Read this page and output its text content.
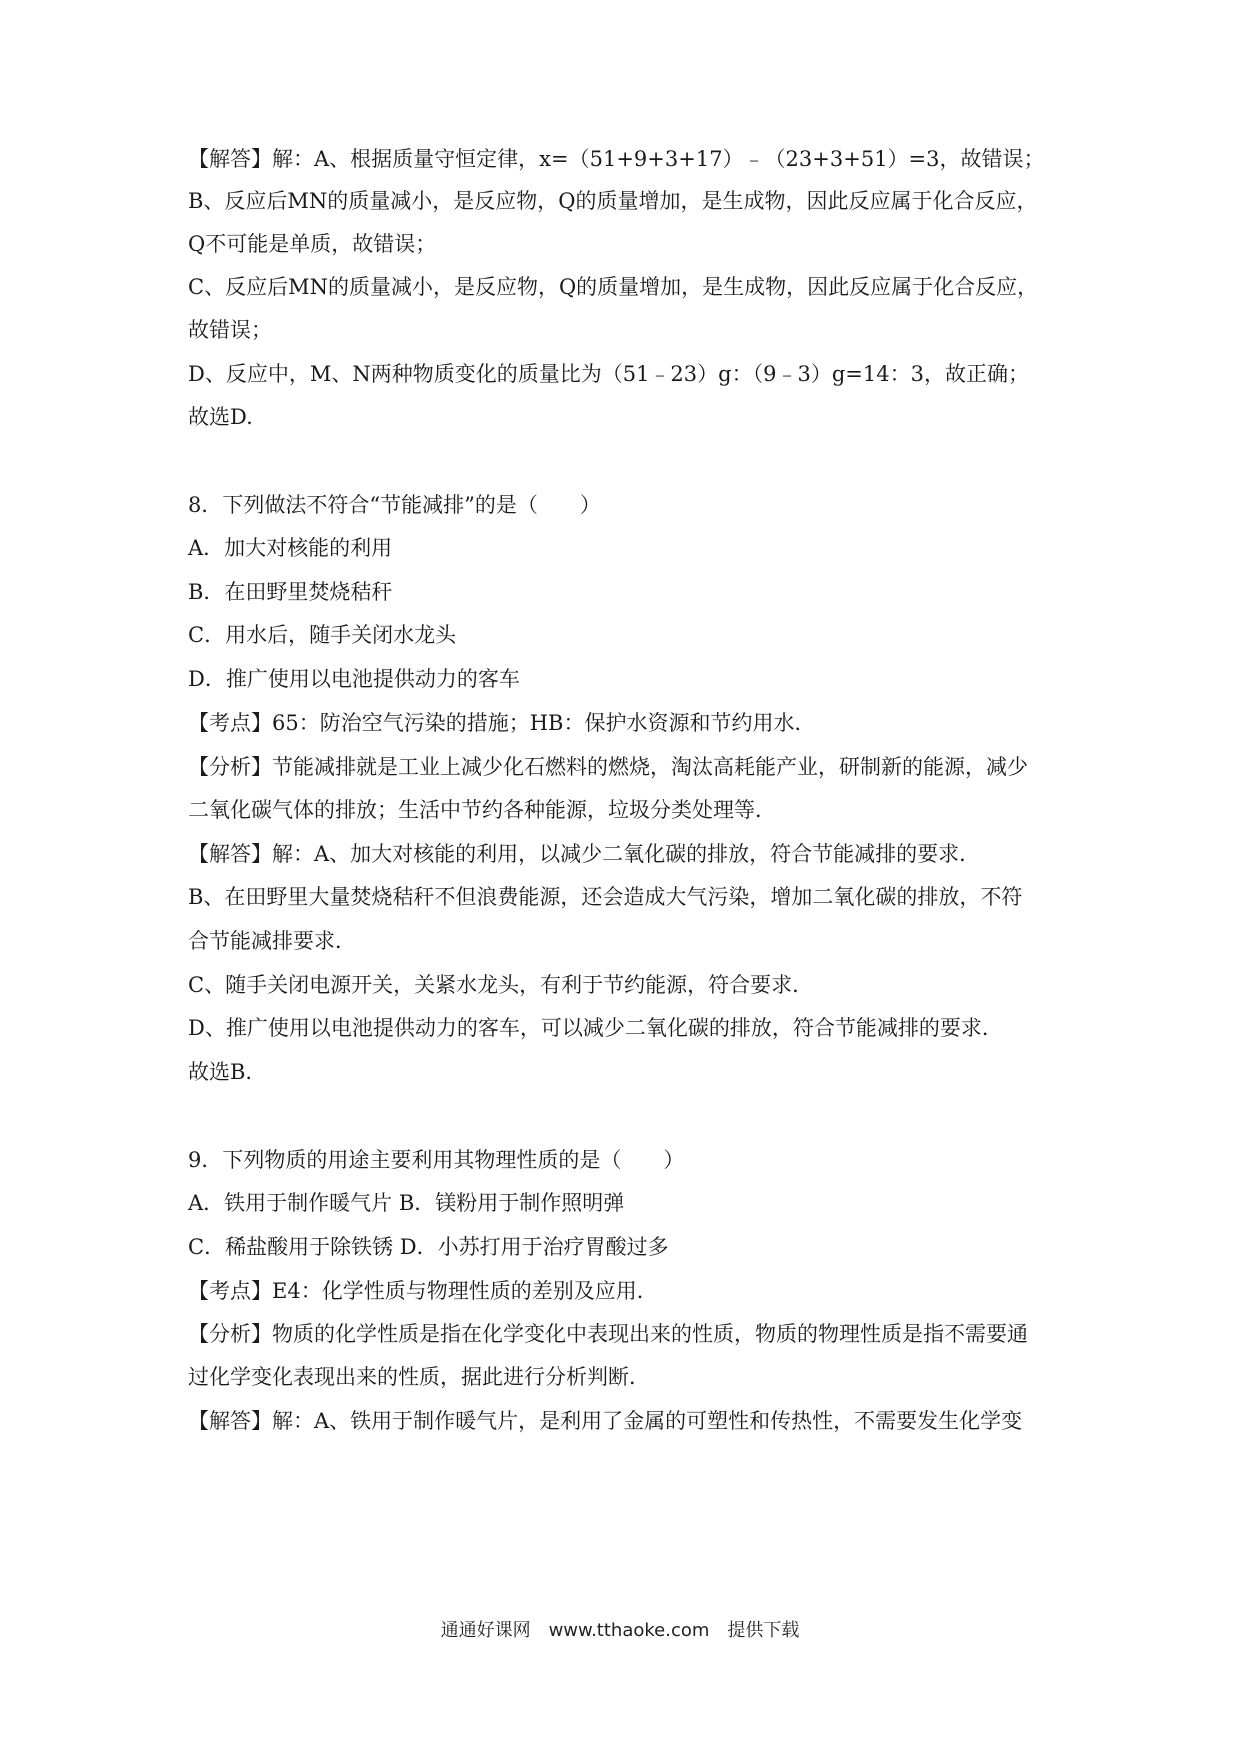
【解答】解：A、根据质量守恒定律，x=（51+9+3+17）﹣（23+3+51）=3，故错误；
B、反应后MN的质量减小，是反应物，Q的质量增加，是生成物，因此反应属于化合反应，
Q不可能是单质，故错误；
C、反应后MN的质量减小，是反应物，Q的质量增加，是生成物，因此反应属于化合反应，
故错误；
D、反应中，M、N两种物质变化的质量比为（51﹣23）g：（9﹣3）g=14：3，故正确；
故选D.
8．下列做法不符合“节能减排”的是（　　）
A．加大对核能的利用
B．在田野里焚烧秸秆
C．用水后，随手关闭水龙头
D．推广使用以电池提供动力的客车
【考点】65：防治空气污染的措施；HB：保护水资源和节约用水．
【分析】节能减排就是工业上减少化石燃料的燃烧，淘汰高耗能产业，研制新的能源，减少
二氧化碳气体的排放；生活中节约各种能源，垃圾分类处理等．
【解答】解：A、加大对核能的利用，以减少二氧化碳的排放，符合节能减排的要求．
B、在田野里大量焚烧秸秆不但浪费能源，还会造成大气污染，增加二氧化碳的排放，不符
合节能减排要求．
C、随手关闭电源开关，关紧水龙头，有利于节约能源，符合要求．
D、推广使用以电池提供动力的客车，可以减少二氧化碳的排放，符合节能减排的要求．
故选B.
9．下列物质的用途主要利用其物理性质的是（　　）
A．铁用于制作暖气片 B．镁粉用于制作照明弹
C．稀盐酸用于除铁锈 D．小苏打用于治疗胃酸过多
【考点】E4：化学性质与物理性质的差别及应用．
【分析】物质的化学性质是指在化学变化中表现出来的性质，物质的物理性质是指不需要通
过化学变化表现出来的性质，据此进行分析判断．
【解答】解：A、铁用于制作暖气片，是利用了金属的可塑性和传热性，不需要发生化学变
通通好课网　www.tthaoke.com　提供下载
